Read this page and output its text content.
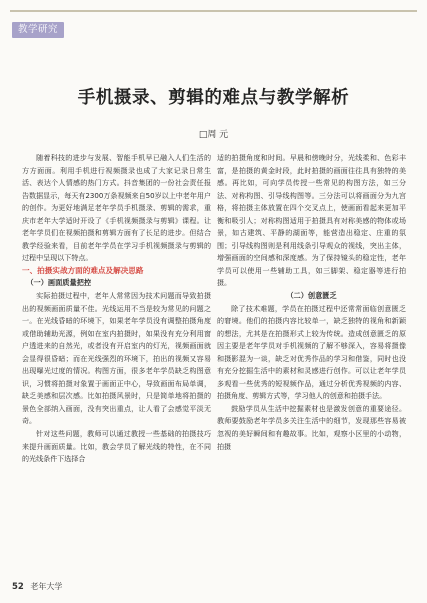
教学研究
手机摄录、剪辑的难点与教学解析
□周 元

随着科技的进步与发展、智能手机早已融入人们生活的方方面面。利用手机进行视频摄录也成了大家记录日常生活、表达个人情感的热门方式。抖音集团的一份社会责任报告数据显示，每天有2300万条视频来自50岁以上中老年用户的创作。为更好地满足老年学员手机摄录、剪辑的需求，重庆市老年大学适时开设了《手机视频摄录与剪辑》课程。让老年学员们在视频拍摄和剪辑方面有了长足的进步。但结合教学经验来看，目前老年学员在学习手机视频摄录与剪辑的过程中呈现以下特点。

一、拍摄实战方面的难点及解决思路

（一）画面质量把控

实际拍摄过程中，老年人常常因为技术问题而导致拍摄出的视频画面质量不佳。光线运用不当是较为常见的问题之一。在光线昏暗的环境下，如果老年学员没有调整拍摄角度或借助辅助光源，例如在室内拍摄时，如果没有充分利用窗户透进来的自然光，或者没有开启室内的灯光，视频画面就会显得很昏暗；而在光线强烈的环境下，拍出的视频又容易出现曝光过度的情况。构图方面，很多老年学员缺乏构图意识，习惯将拍摄对象置于画面正中心，导致画面布局单调，缺乏美感和层次感。比如拍摄风景时，只是简单地将拍摄的景色全部纳入画面，没有突出重点，让人看了会感觉平淡无奇。

针对这些问题，教师可以通过教授一些基础的拍摄技巧来提升画面质量。比如，教会学员了解光线的特性，在不同的光线条件下选择合

适的拍摄角度和时间。早晨和傍晚时分，光线柔和、色彩丰富，是拍摄的黄金时段，此时拍摄的画面往往具有独特的美感。再比如，可向学员传授一些常见的构图方法，如三分法、对称构图、引导线构图等。三分法可以将画面分为九宫格，将拍摄主体放置在四个交叉点上，使画面看起来更加平衡和吸引人；对称构图适用于拍摄具有对称美感的物体或场景，如古建筑、平静的湖面等，能营造出稳定、庄重的氛围；引导线构图则是利用线条引导观众的视线，突出主体，增强画面的空间感和深度感。为了保持镜头的稳定性，老年学员可以使用一些辅助工具，如三脚架、稳定器等进行拍摄。

（二）创意匮乏

除了技术难题，学员在拍摄过程中还常常面临创意匮乏的窘境。他们的拍摄内容比较单一，缺乏独特的视角和新颖的想法，尤其是在拍摄形式上较为传统。造成创意匮乏的原因主要是老年学员对手机视频的了解不够深入，容易将摄像和摄影混为一谈，缺乏对优秀作品的学习和借鉴，同时也没有充分挖掘生活中的素材和灵感进行创作。可以让老年学员多观看一些优秀的短视频作品，通过分析优秀视频的内容、拍摄角度、剪辑方式等，学习他人的创意和拍摄手法。

鼓励学员从生活中挖掘素材也是激发创意的重要途径。教师要鼓励老年学员多关注生活中的细节，发现那些容易被忽视的美好瞬间和有趣故事。比如，观察小区里的小动物，拍摄

52 老年大学
